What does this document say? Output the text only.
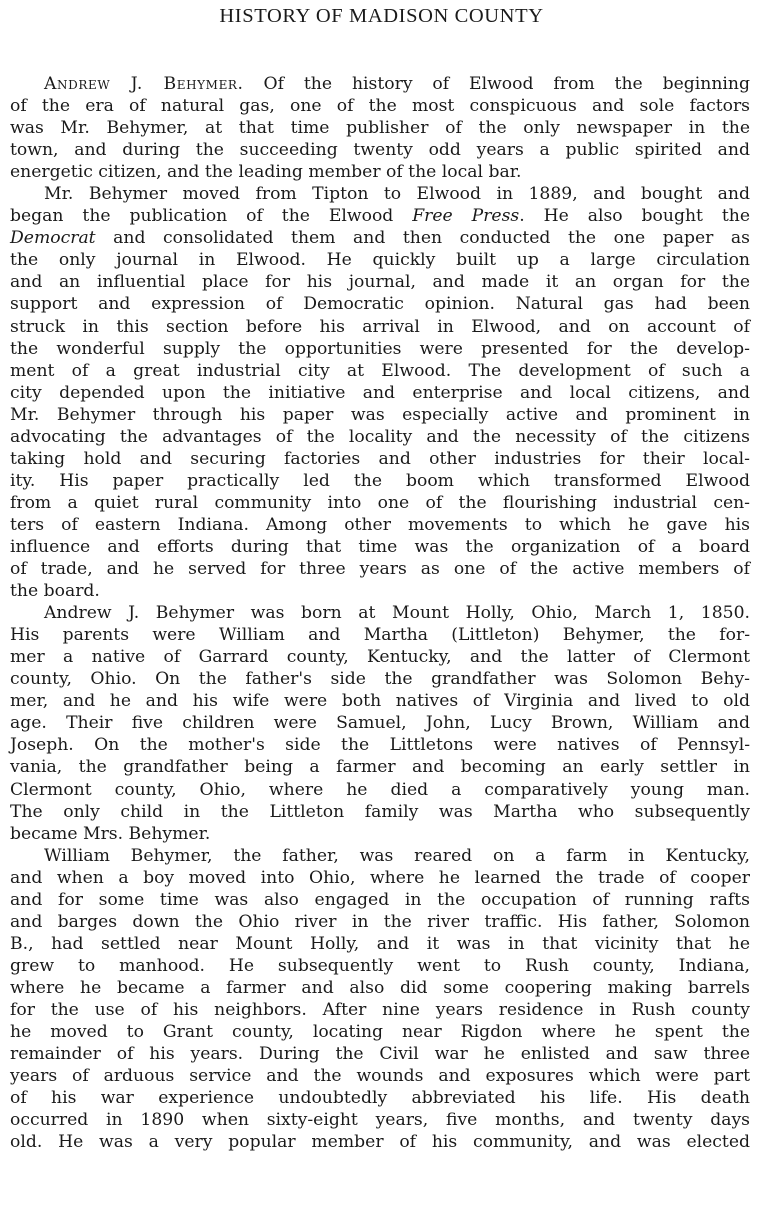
HISTORY OF MADISON COUNTY
Andrew J. Behymer. Of the history of Elwood from the beginning
of the era of natural gas, one of the most conspicuous and sole factors
was Mr. Behymer, at that time publisher of the only newspaper in the
town, and during the succeeding twenty odd years a public spirited and
energetic citizen, and the leading member of the local bar.
Mr. Behymer moved from Tipton to Elwood in 1889, and bought and
began the publication of the Elwood Free Press. He also bought the
Democrat and consolidated them and then conducted the one paper as
the only journal in Elwood. He quickly built up a large circulation
and an influential place for his journal, and made it an organ for the
support and expression of Democratic opinion. Natural gas had been
struck in this section before his arrival in Elwood, and on account of
the wonderful supply the opportunities were presented for the develop-
ment of a great industrial city at Elwood. The development of such a
city depended upon the initiative and enterprise and local citizens, and
Mr. Behymer through his paper was especially active and prominent in
advocating the advantages of the locality and the necessity of the citizens
taking hold and securing factories and other industries for their local-
ity. His paper practically led the boom which transformed Elwood
from a quiet rural community into one of the flourishing industrial cen-
ters of eastern Indiana. Among other movements to which he gave his
influence and efforts during that time was the organization of a board
of trade, and he served for three years as one of the active members of
the board.
Andrew J. Behymer was born at Mount Holly, Ohio, March 1, 1850.
His parents were William and Martha (Littleton) Behymer, the for-
mer a native of Garrard county, Kentucky, and the latter of Clermont
county, Ohio. On the father's side the grandfather was Solomon Behy-
mer, and he and his wife were both natives of Virginia and lived to old
age. Their five children were Samuel, John, Lucy Brown, William and
Joseph. On the mother's side the Littletons were natives of Pennsyl-
vania, the grandfather being a farmer and becoming an early settler in
Clermont county, Ohio, where he died a comparatively young man.
The only child in the Littleton family was Martha who subsequently
became Mrs. Behymer.
William Behymer, the father, was reared on a farm in Kentucky,
and when a boy moved into Ohio, where he learned the trade of cooper
and for some time was also engaged in the occupation of running rafts
and barges down the Ohio river in the river traffic. His father, Solomon
B., had settled near Mount Holly, and it was in that vicinity that he
grew to manhood. He subsequently went to Rush county, Indiana,
where he became a farmer and also did some coopering making barrels
for the use of his neighbors. After nine years residence in Rush county
he moved to Grant county, locating near Rigdon where he spent the
remainder of his years. During the Civil war he enlisted and saw three
years of arduous service and the wounds and exposures which were part
of his war experience undoubtedly abbreviated his life. His death
occurred in 1890 when sixty-eight years, five months, and twenty days
old. He was a very popular member of his community, and was elected
